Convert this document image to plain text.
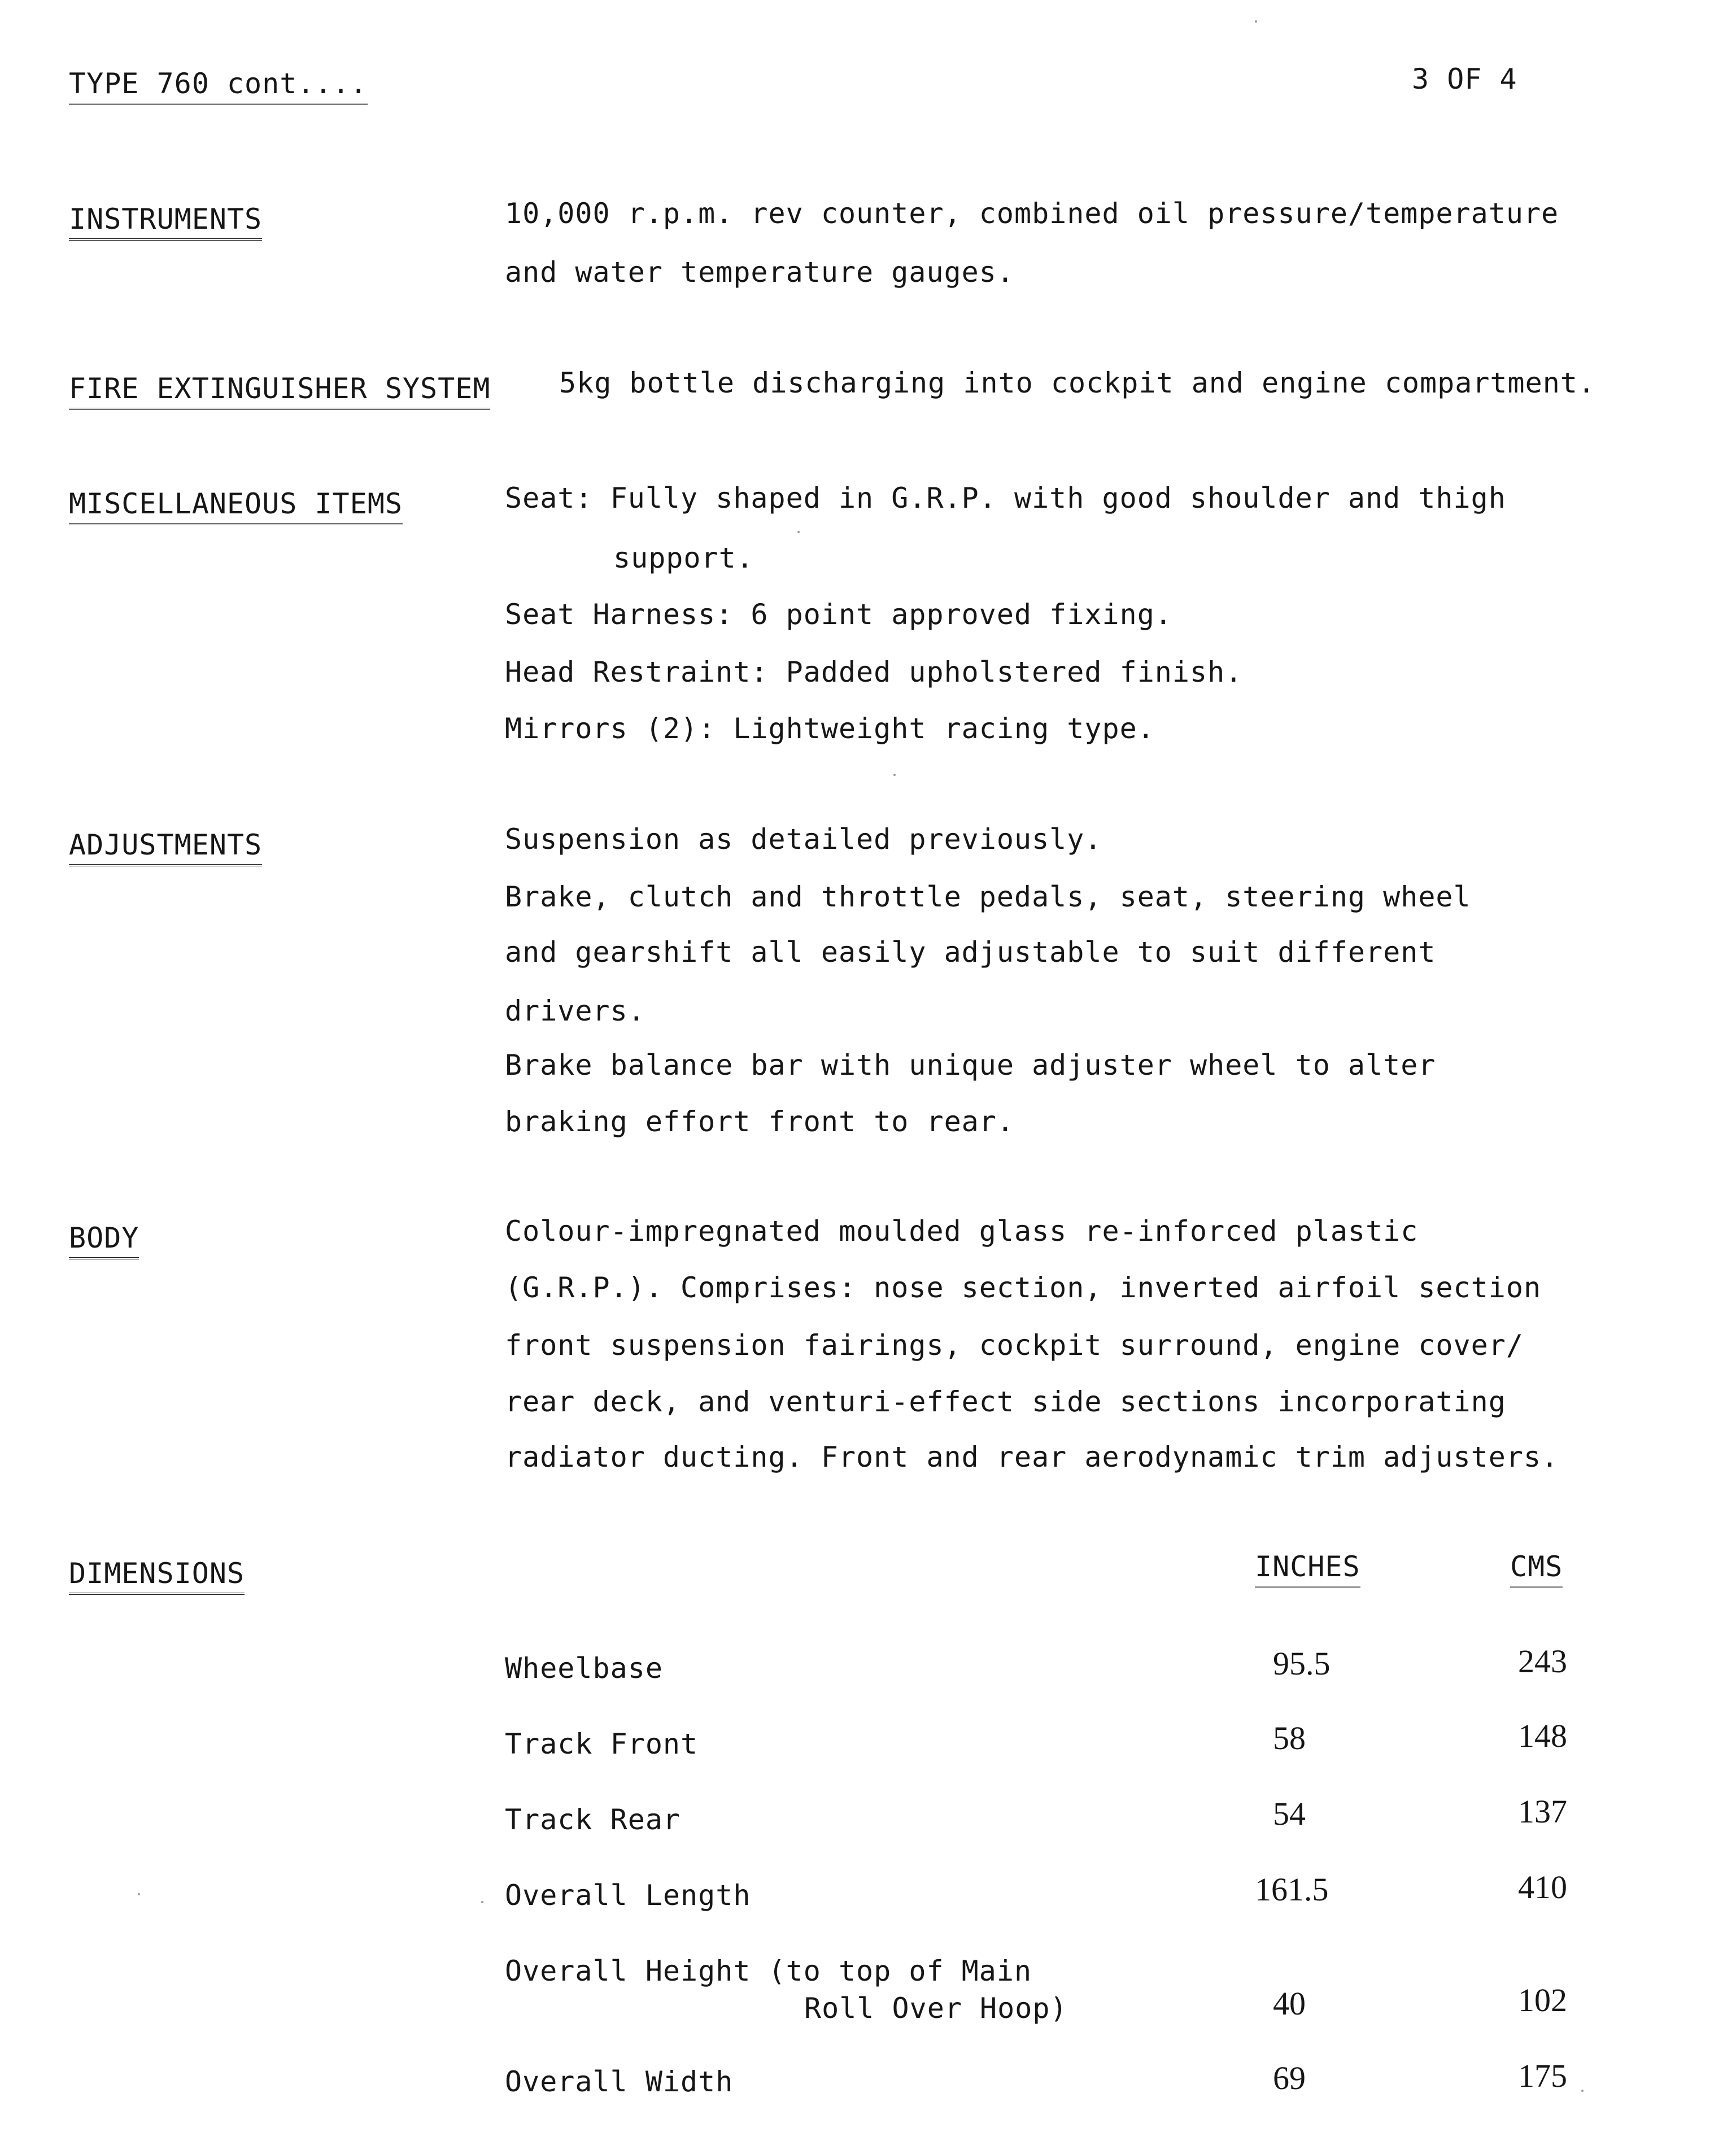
TYPE 760 cont....	3 OF 4
INSTRUMENTS	10,000 r.p.m. rev counter, combined oil pressure/temperature
and water temperature gauges.
FIRE EXTINGUISHER SYSTEM 5kg bottle discharging into cockpit and engine compartment.
MISCELLANEOUS ITEMS	Seat: Fully shaped in G.R.P. with good shoulder and thigh
support.
Seat Harness: 6 point approved fixing.
Head Restraint: Padded upholstered finish.
Mirrors (2): Lightweight racing type.
ADJUSTMENTS	Suspension as detailed previously.
Brake, clutch and throttle pedals, seat, steering wheel
and gearshift all easily adjustable to suit different
drivers.
Brake balance bar with unique adjuster wheel to alter
braking effort front to rear.
BODY	Colour-impregnated moulded glass re-inforced plastic
(G.R.P.). Comprises: nose section, inverted airfoil section
front suspension fairings, cockpit surround, engine cover/
rear deck, and venturi-effect side sections incorporating
radiator ducting. Front and rear aerodynamic trim adjusters.
DIMENSIONS	INCHES	CMS
Wheelbase	95.5	243
Track Front	58	148
Track Rear	54	137
Overall Length	161.5	410
Overall Height (to top of Main
Roll Over Hoop)	40	102
Overall Width	69	175
